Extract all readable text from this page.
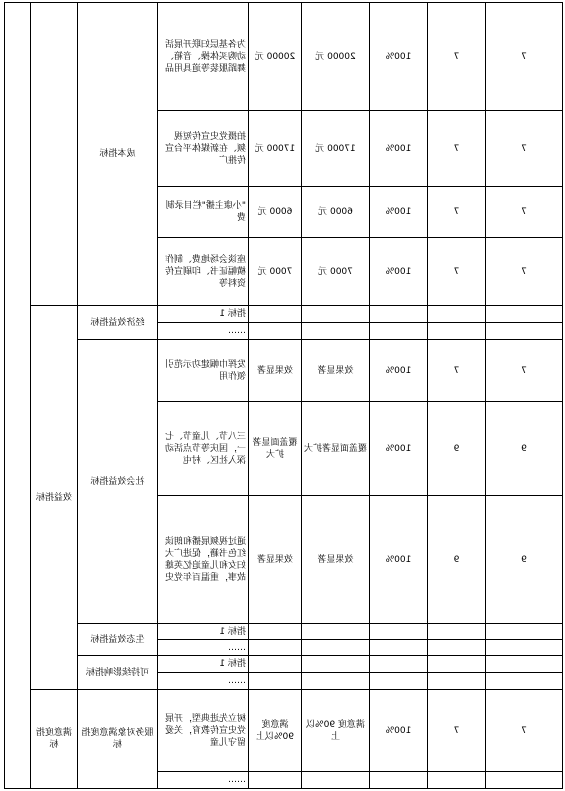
7	7	100%	20000 元	20000 元	为各基层妇联开展活动购买体操、音箱、舞蹈服装等道具用品	成本指标		
7	7	100%	17000 元	17000 元	拍摄党史宣传短视频、在新媒体平台宣传推广			
7	7	100%	6000 元	6000 元	"小康主播"栏目录制费			
7	7	100%	7000 元	7000 元	座谈会场地费、制作横幅证书、印刷宣传资料等			
					指标 1	经济效益指标	效益指标	
					……			
7	7	100%	效果显著	效果显著	发挥巾帼建功示范引领作用	社会效益指标		
9	9	100%	覆盖面显著扩大	覆盖面显著扩大	三八节、儿童节、七一，国庆等节点活动深入社区、村屯			
9	9	100%	效果显著	效果显著	通过视频展播和朗读红色书籍，促进广大妇女和儿童追忆英雄故事，重温百年党史			
					指标 1	生态效益指标		
					……			
					指标 1	可持续影响指标		
					……			
7	7	100%	满意度 90%以上	满意度 90%以上	树立先进典型，开展党史宣传教育，关爱留守儿童	服务对象满意度指标	满意度指标	
					……			
